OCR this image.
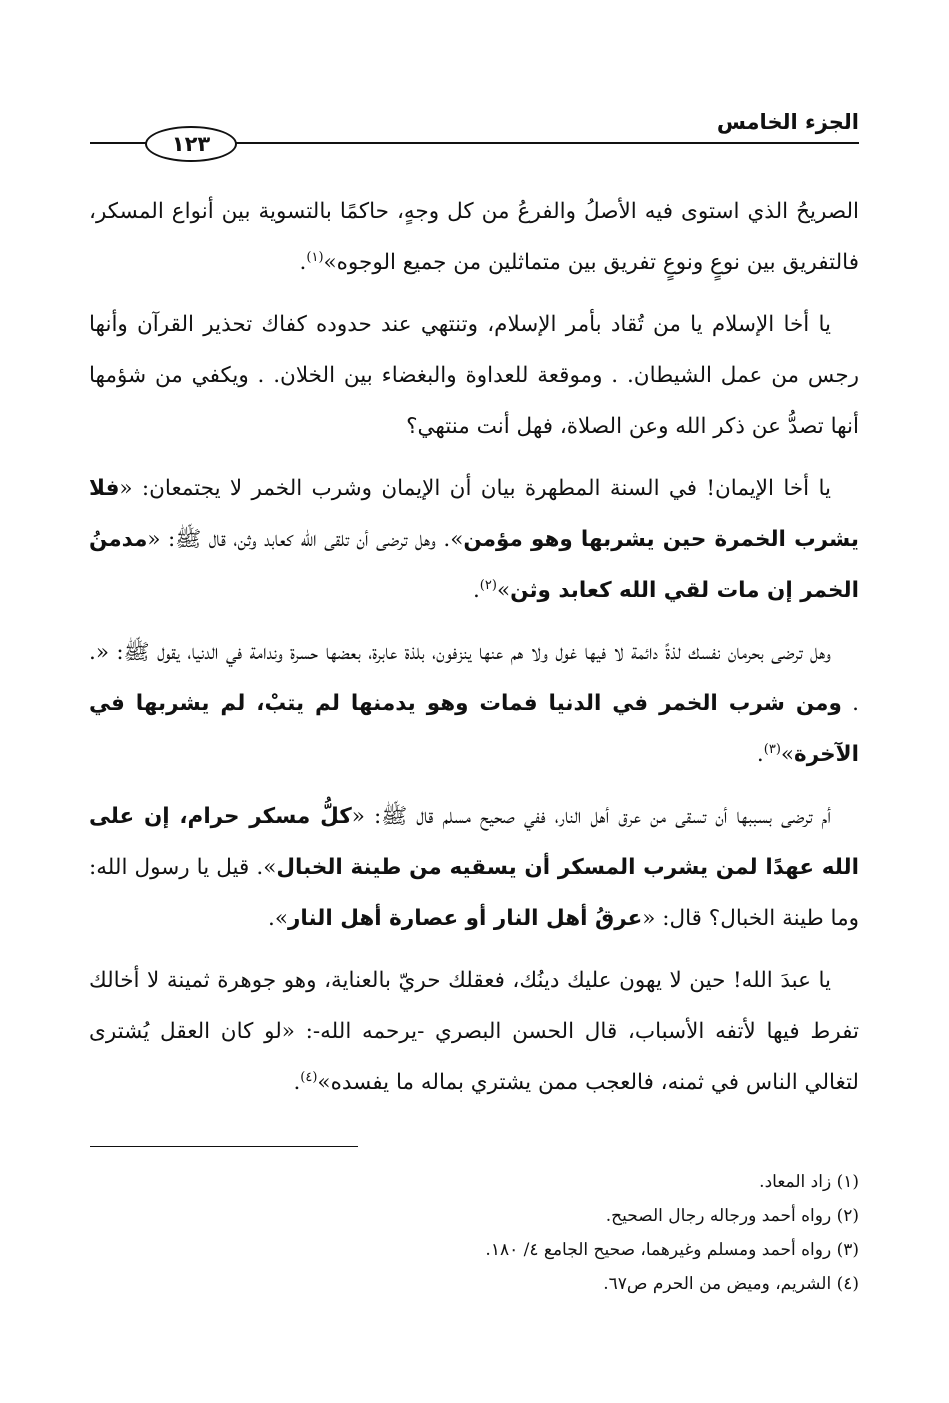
الجزء الخامس
١٢٣

الصريحُ الذي استوى فيه الأصلُ والفرعُ من كل وجهٍ، حاكمًا بالتسوية بين أنواع المسكر، فالتفريق بين نوعٍ ونوعٍ تفريق بين متماثلين من جميع الوجوه»$^{(١)}$.

يا أخا الإسلام يا من تُقاد بأمر الإسلام، وتنتهي عند حدوده كفاك تحذير القرآن وأنها رجس من عمل الشيطان. . وموقعة للعداوة والبغضاء بين الخلان. . ويكفي من شؤمها أنها تصدُّ عن ذكر الله وعن الصلاة، فهل أنت منتهي؟

يا أخا الإيمان! في السنة المطهرة بيان أن الإيمان وشرب الخمر لا يجتمعان: «فلا يشرب الخمرة حين يشربها وهو مؤمن». وهل ترضى أن تلقى الله كعابد وثن، قال ﷺ: «مدمنُ الخمر إن مات لقي الله كعابد وثن»$^{(٢)}$.

وهل ترضى بحرمان نفسك لذةً دائمة لا فيها غول ولا هم عنها ينزفون، بلذة عابرة، بعضها حسرة وندامة في الدنيا، يقول ﷺ: «. . ومن شرب الخمر في الدنيا فمات وهو يدمنها لم يتبْ، لم يشربها في الآخرة»$^{(٣)}$.

أم ترضى بسببها أن تسقى من عرق أهل النار، ففي صحيح مسلم قال ﷺ: «كلُّ مسكر حرام، إن على الله عهدًا لمن يشرب المسكر أن يسقيه من طينة الخبال». قيل يا رسول الله: وما طينة الخبال؟ قال: «عرقُ أهل النار أو عصارة أهل النار».

يا عبدَ الله! حين لا يهون عليك دينُك، فعقلك حريّ بالعناية، وهو جوهرة ثمينة لا أخالك تفرط فيها لأتفه الأسباب، قال الحسن البصري -يرحمه الله-: «لو كان العقل يُشترى لتغالي الناس في ثمنه، فالعجب ممن يشتري بماله ما يفسده»$^{(٤)}$.

(١) زاد المعاد.

(٢) رواه أحمد ورجاله رجال الصحيح.

(٣) رواه أحمد ومسلم وغيرهما، صحيح الجامع ٤/ ١٨٠.

(٤) الشريم، ومیض من الحرم ص٦٧.
